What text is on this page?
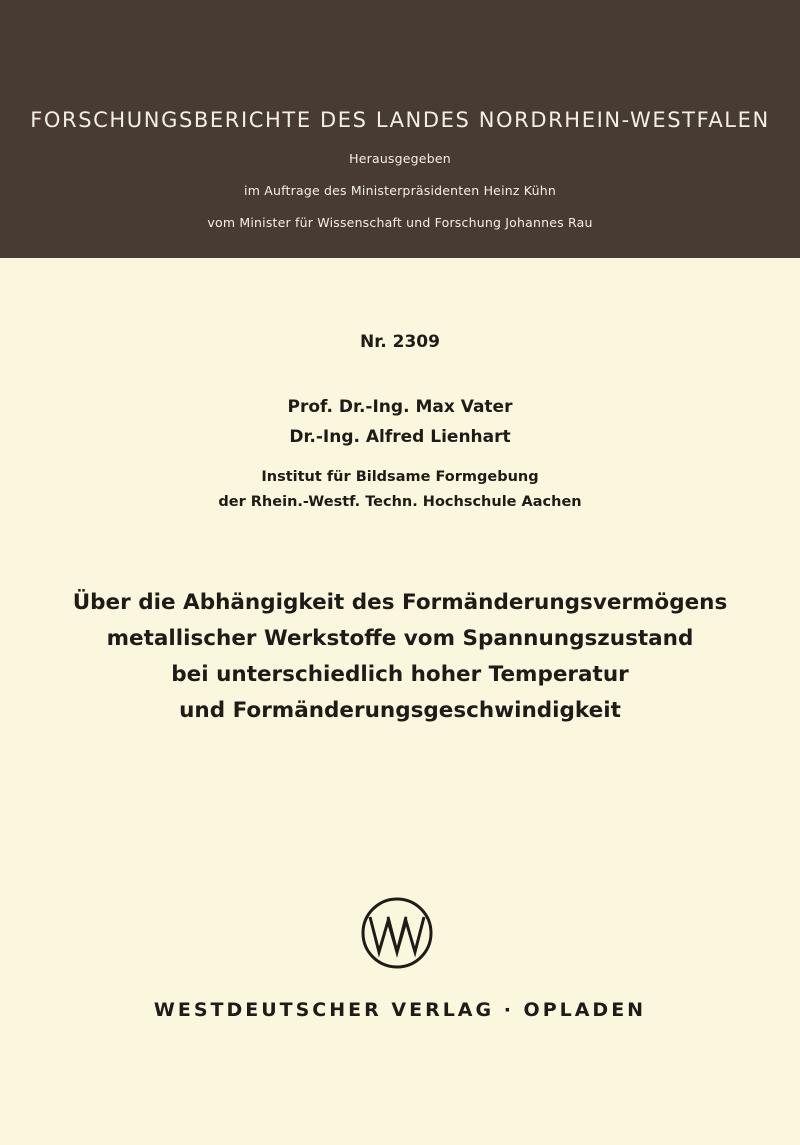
FORSCHUNGSBERICHTE DES LANDES NORDRHEIN-WESTFALEN
Herausgegeben
im Auftrage des Ministerpräsidenten Heinz Kühn
vom Minister für Wissenschaft und Forschung Johannes Rau
Nr. 2309
Prof. Dr.-Ing. Max Vater
Dr.-Ing. Alfred Lienhart
Institut für Bildsame Formgebung
der Rhein.-Westf. Techn. Hochschule Aachen
Über die Abhängigkeit des Formänderungsvermögens
metallischer Werkstoffe vom Spannungszustand
bei unterschiedlich hoher Temperatur
und Formänderungsgeschwindigkeit
WESTDEUTSCHER VERLAG · OPLADEN
